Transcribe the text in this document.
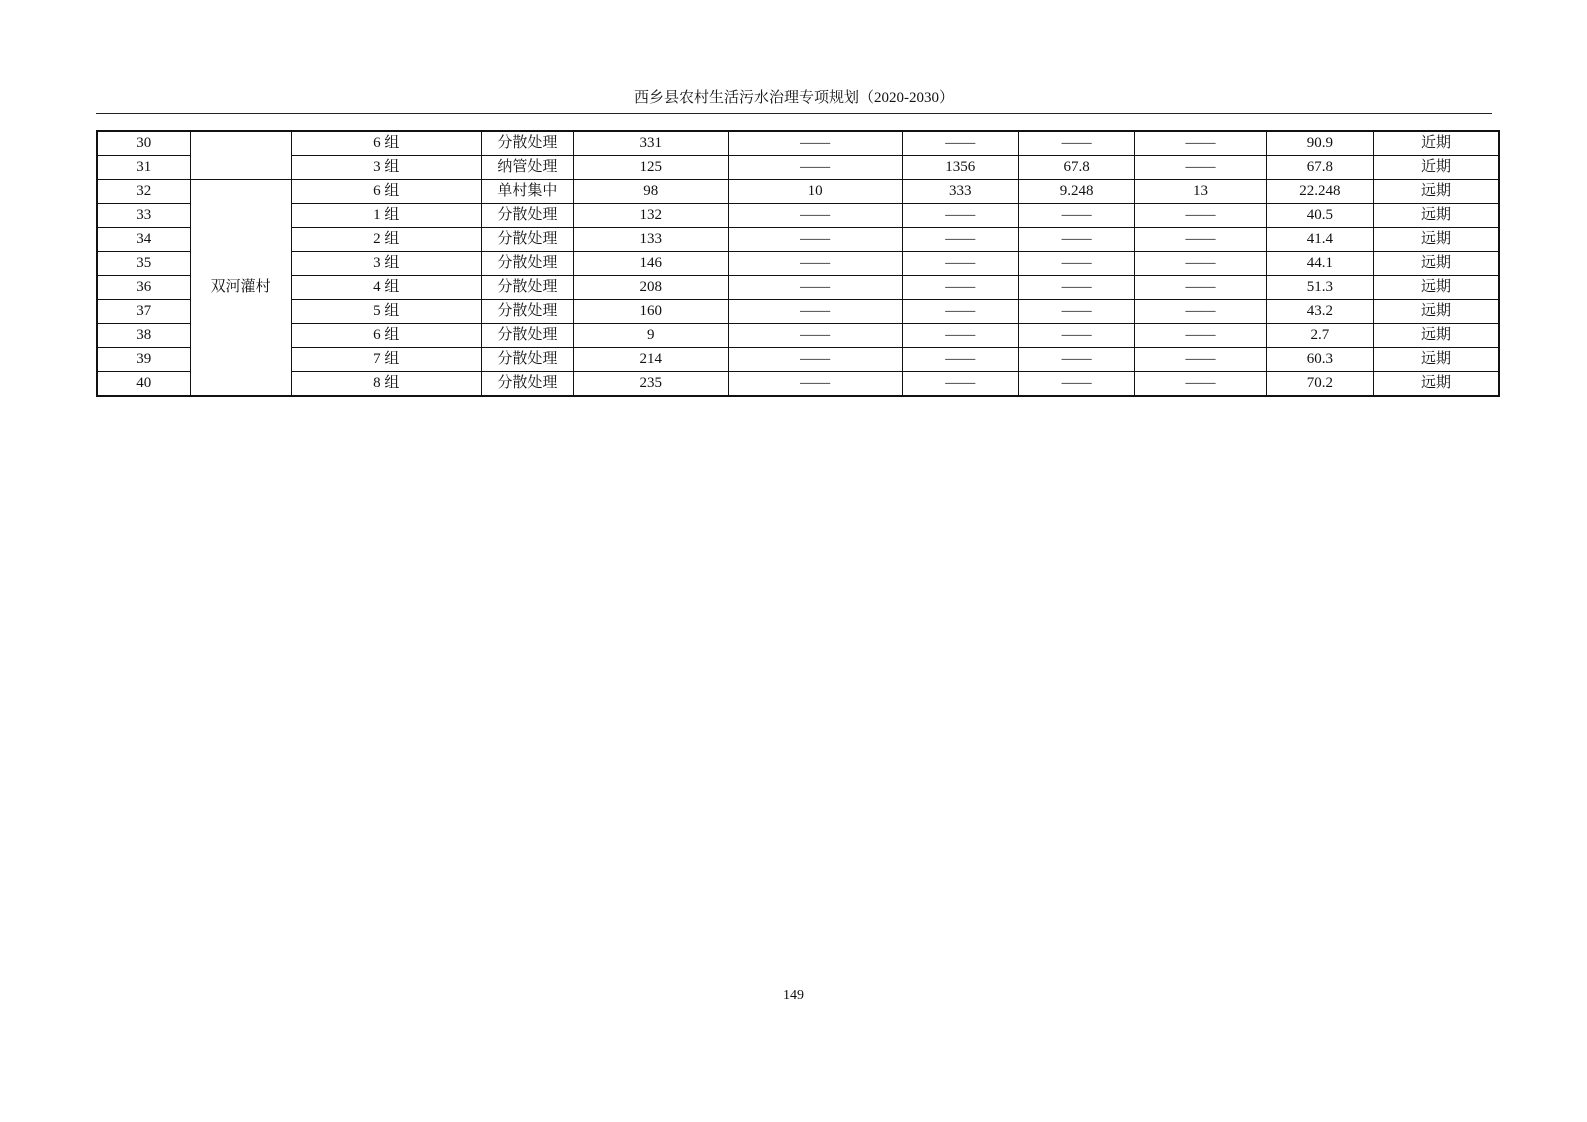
西乡县农村生活污水治理专项规划（2020-2030）
30		6 组	分散处理	331	——	——	——	——	90.9	近期
31		3 组	纳管处理	125	——	1356	67.8	——	67.8	近期
32	双河灌村	6 组	单村集中	98	10	333	9.248	13	22.248	远期
33		1 组	分散处理	132	——	——	——	——	40.5	远期
34		2 组	分散处理	133	——	——	——	——	41.4	远期
35		3 组	分散处理	146	——	——	——	——	44.1	远期
36		4 组	分散处理	208	——	——	——	——	51.3	远期
37		5 组	分散处理	160	——	——	——	——	43.2	远期
38		6 组	分散处理	9	——	——	——	——	2.7	远期
39		7 组	分散处理	214	——	——	——	——	60.3	远期
40		8 组	分散处理	235	——	——	——	——	70.2	远期
149
